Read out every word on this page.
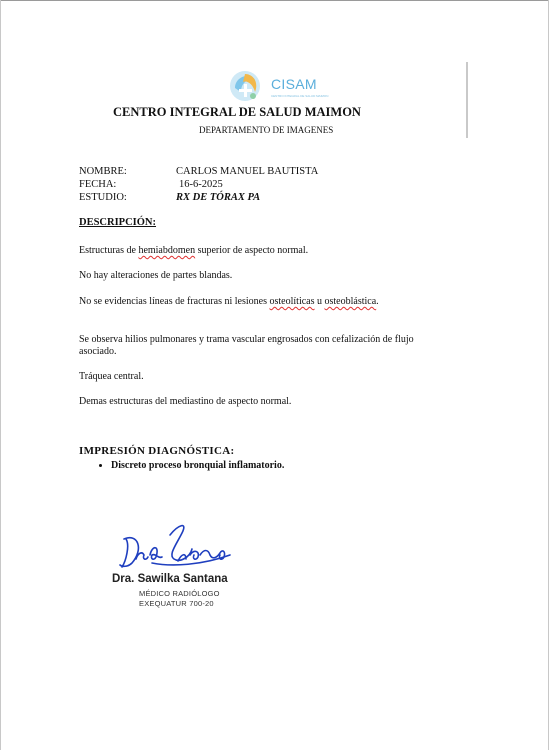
CISAM
CENTRO INTEGRAL DE SALUD MAIMON
CENTRO INTEGRAL DE SALUD MAIMON
DEPARTAMENTO DE IMAGENES
NOMBRE:	CARLOS MANUEL BAUTISTA
FECHA:	16-6-2025
ESTUDIO:	RX DE TÓRAX PA
DESCRIPCIÓN:
Estructuras de hemiabdomen superior de aspecto normal.
No hay alteraciones de partes blandas.
No se evidencias líneas de fracturas ni lesiones osteolíticas u osteoblástica.
Se observa hilios pulmonares y trama vascular engrosados con cefalización de flujo asociado.
Tráquea central.
Demas estructuras del mediastino de aspecto normal.
IMPRESIÓN DIAGNÓSTICA:
• Discreto proceso bronquial inflamatorio.
Dra. Sawilka Santana
MÉDICO RADIÓLOGO
EXEQUATUR 700-20
